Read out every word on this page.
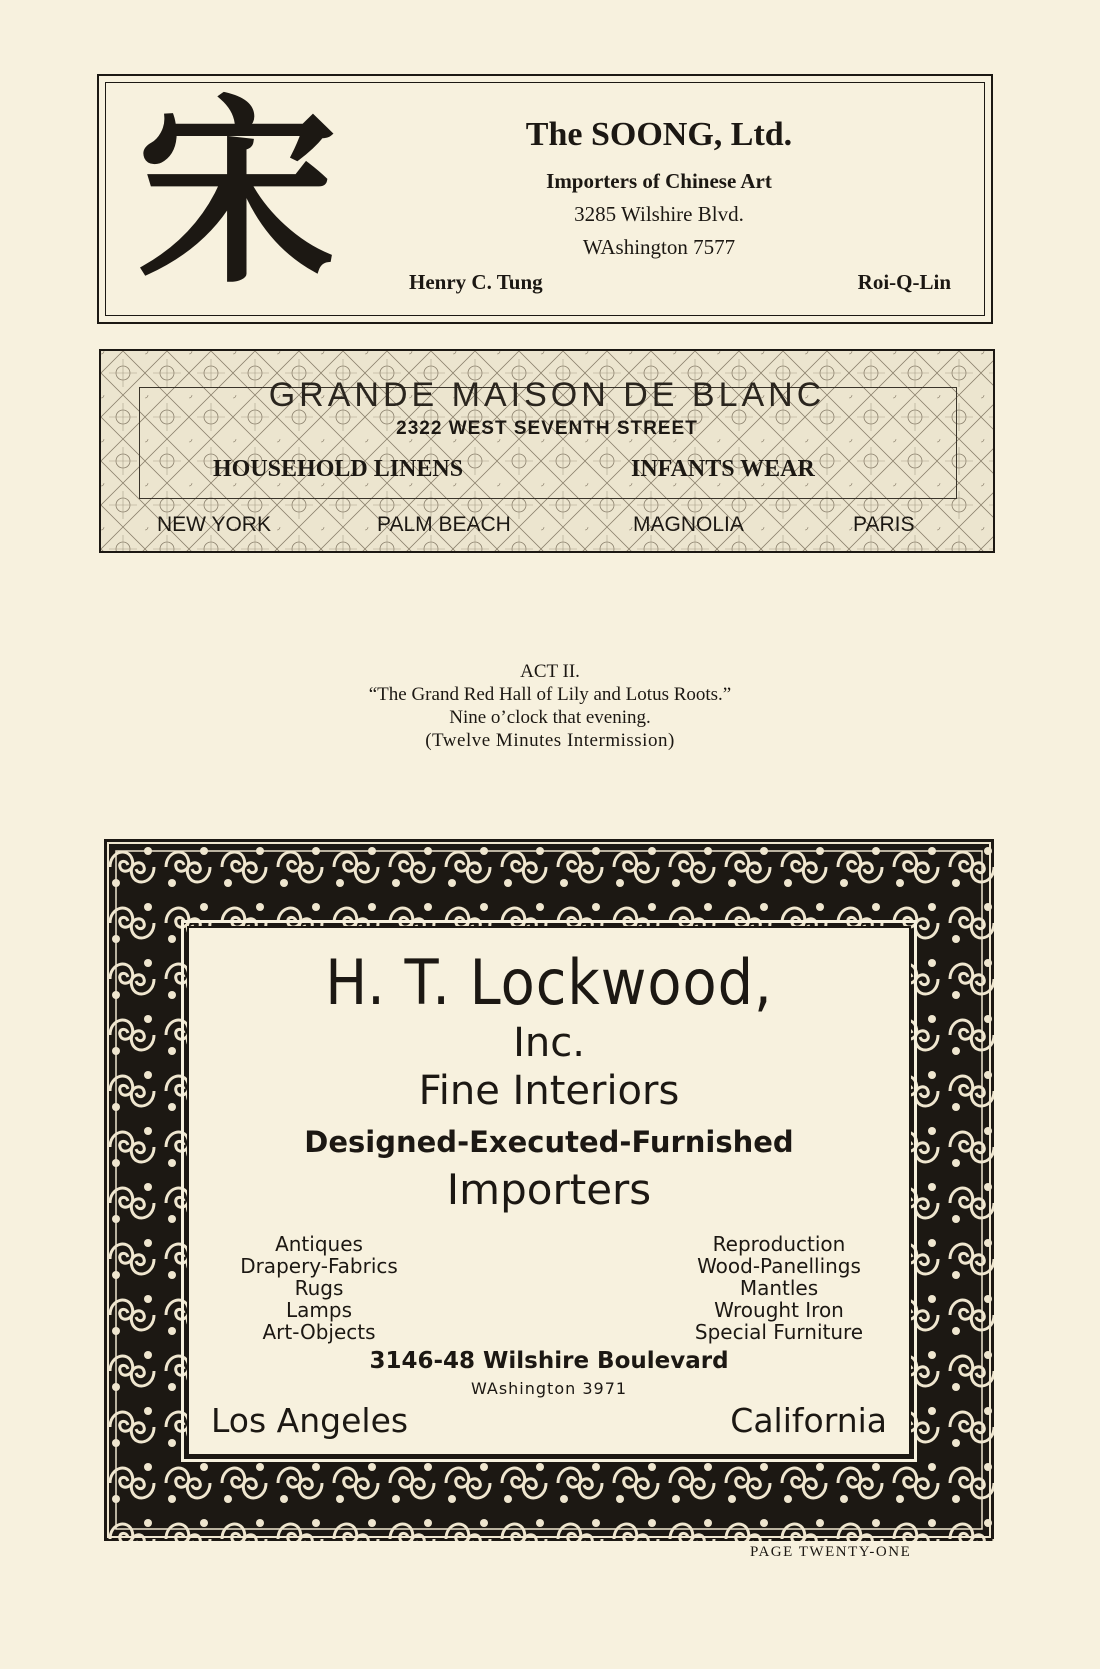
宋	The SOONG, Ltd.
Importers of Chinese Art
3285 Wilshire Blvd.
WAshington 7577
Henry C. Tung	Roi-Q-Lin
GRANDE MAISON DE BLANC
2322 WEST SEVENTH STREET
HOUSEHOLD LINENS	INFANTS WEAR
NEW YORK	PALM BEACH	MAGNOLIA	PARIS
ACT II.
“The Grand Red Hall of Lily and Lotus Roots.”
Nine o’clock that evening.
(Twelve Minutes Intermission)
H. T. Lockwood,
Inc.
Fine Interiors
Designed-Executed-Furnished
Importers
Antiques
Drapery-Fabrics
Rugs
Lamps
Art-Objects
Reproduction
Wood-Panellings
Mantles
Wrought Iron
Special Furniture
3146-48 Wilshire Boulevard
WAshington 3971
Los Angeles	California
PAGE TWENTY-ONE
